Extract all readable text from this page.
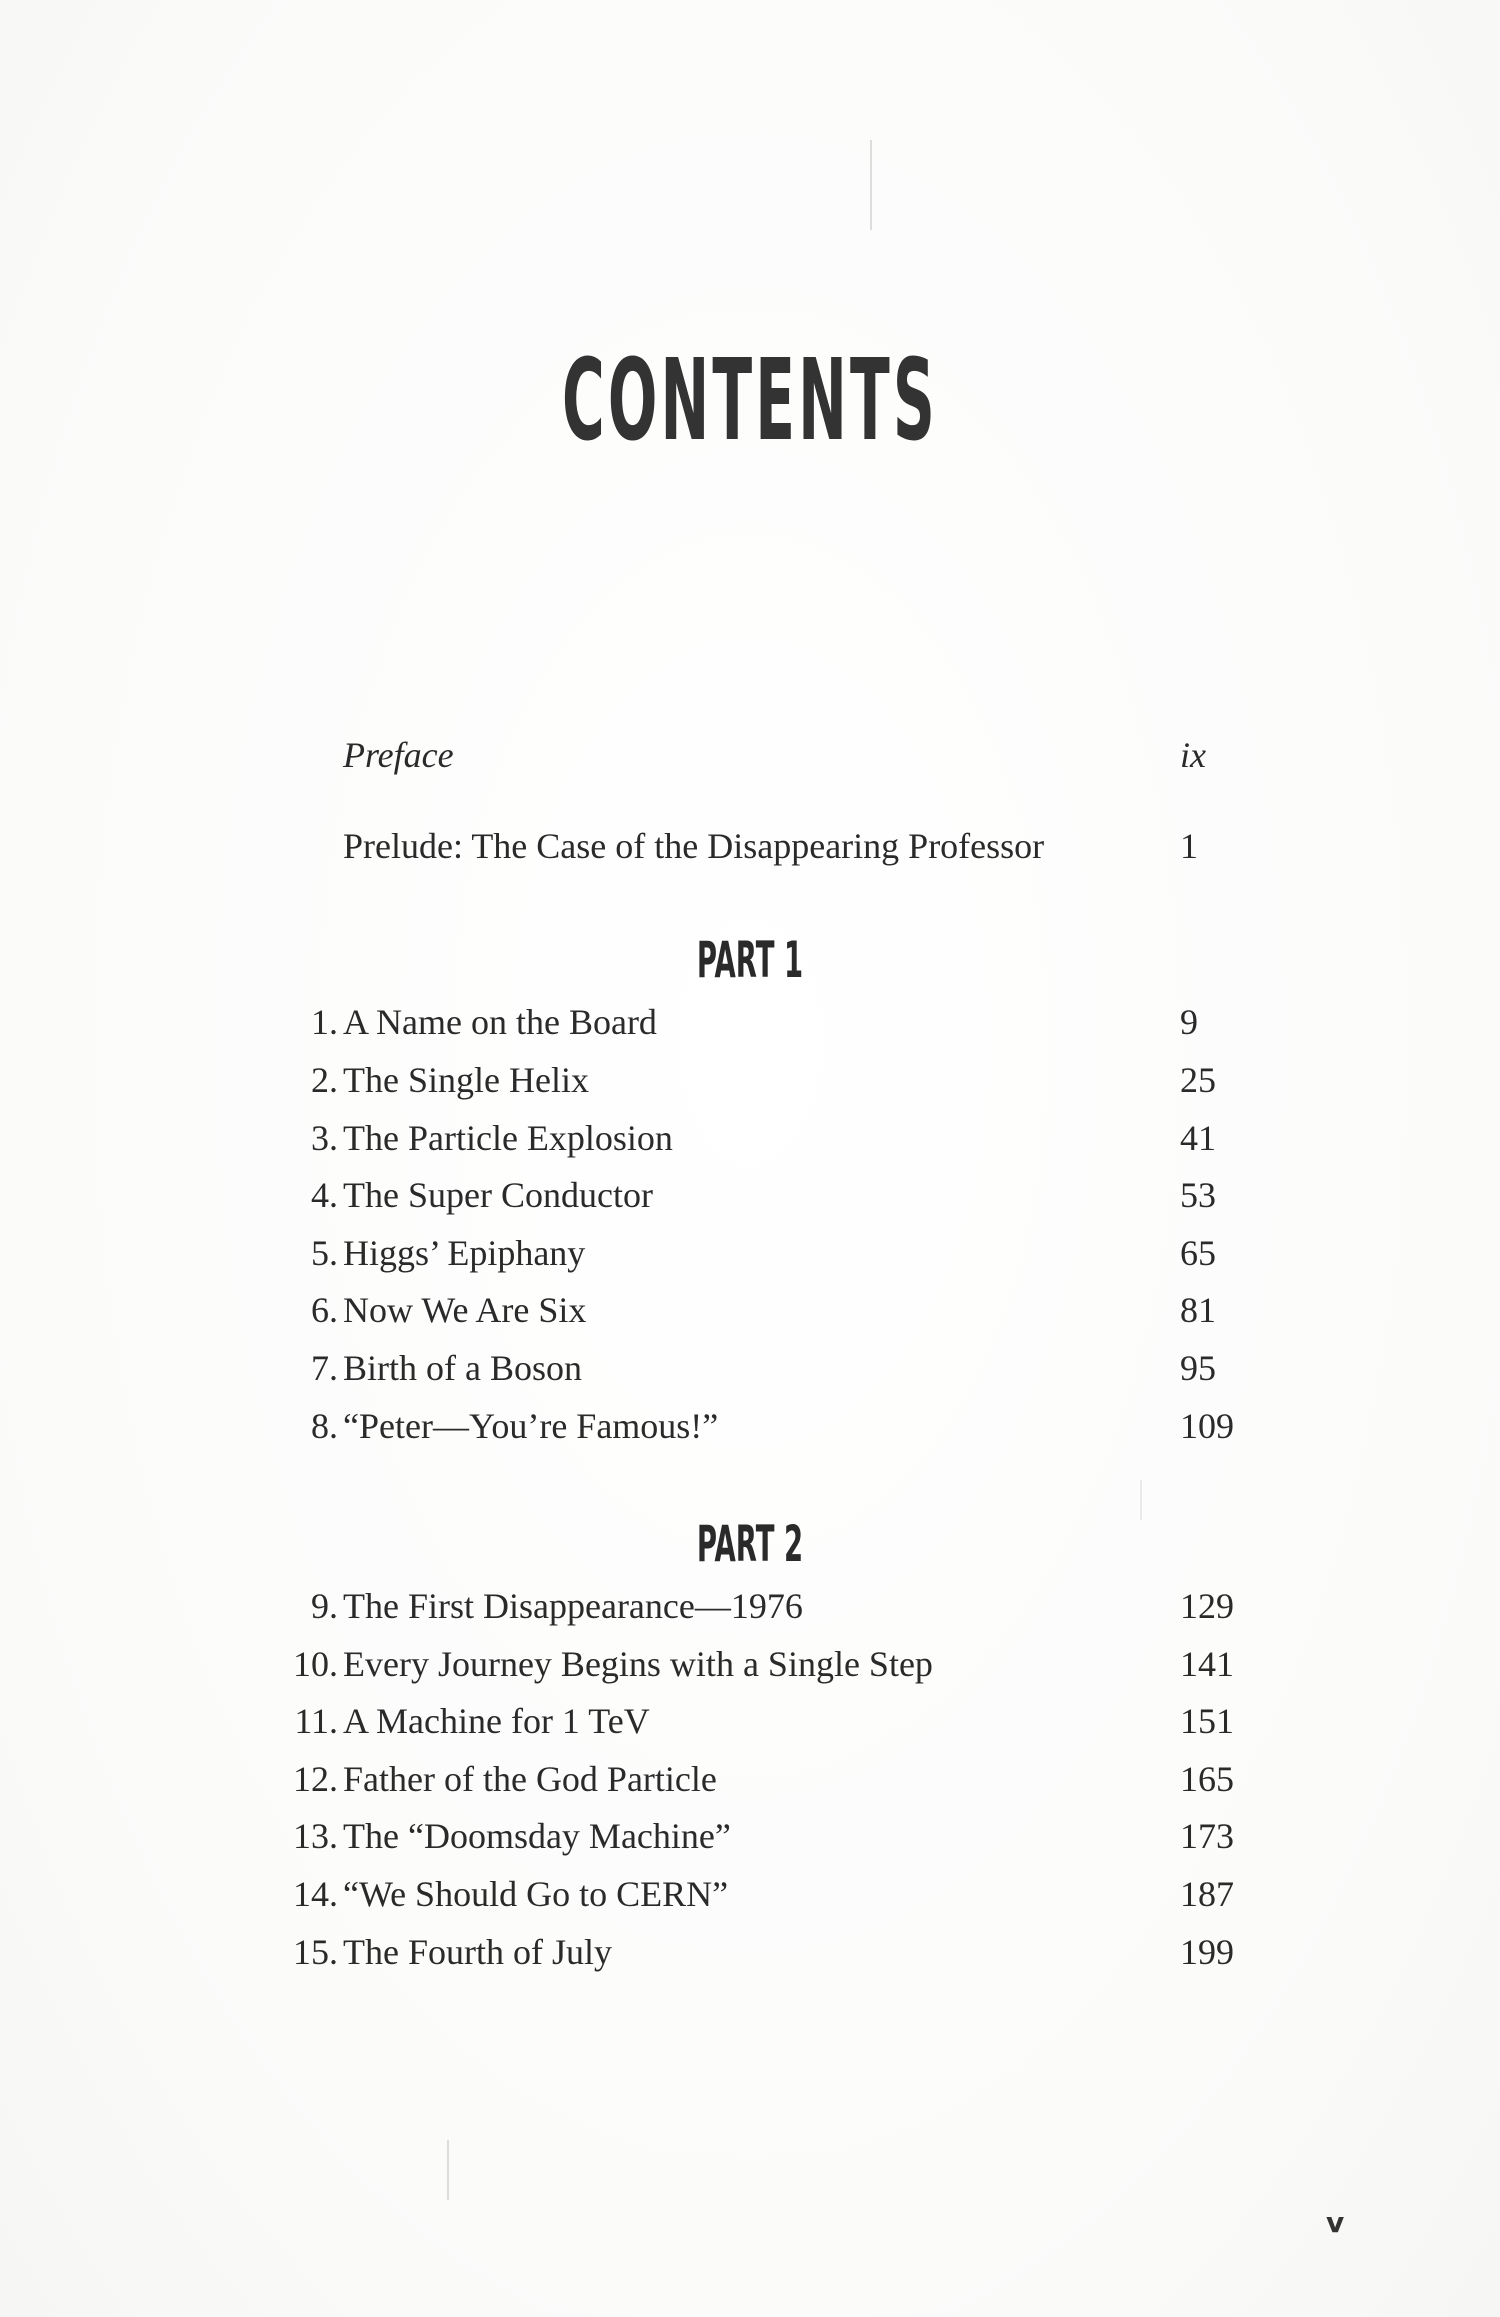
CONTENTS
Preface	ix
Prelude: The Case of the Disappearing Professor	1
PART 1
1. A Name on the Board	9
2. The Single Helix	25
3. The Particle Explosion	41
4. The Super Conductor	53
5. Higgs’ Epiphany	65
6. Now We Are Six	81
7. Birth of a Boson	95
8. “Peter—You’re Famous!”	109
PART 2
9. The First Disappearance—1976	129
10. Every Journey Begins with a Single Step	141
11. A Machine for 1 TeV	151
12. Father of the God Particle	165
13. The “Doomsday Machine”	173
14. “We Should Go to CERN”	187
15. The Fourth of July	199
v
